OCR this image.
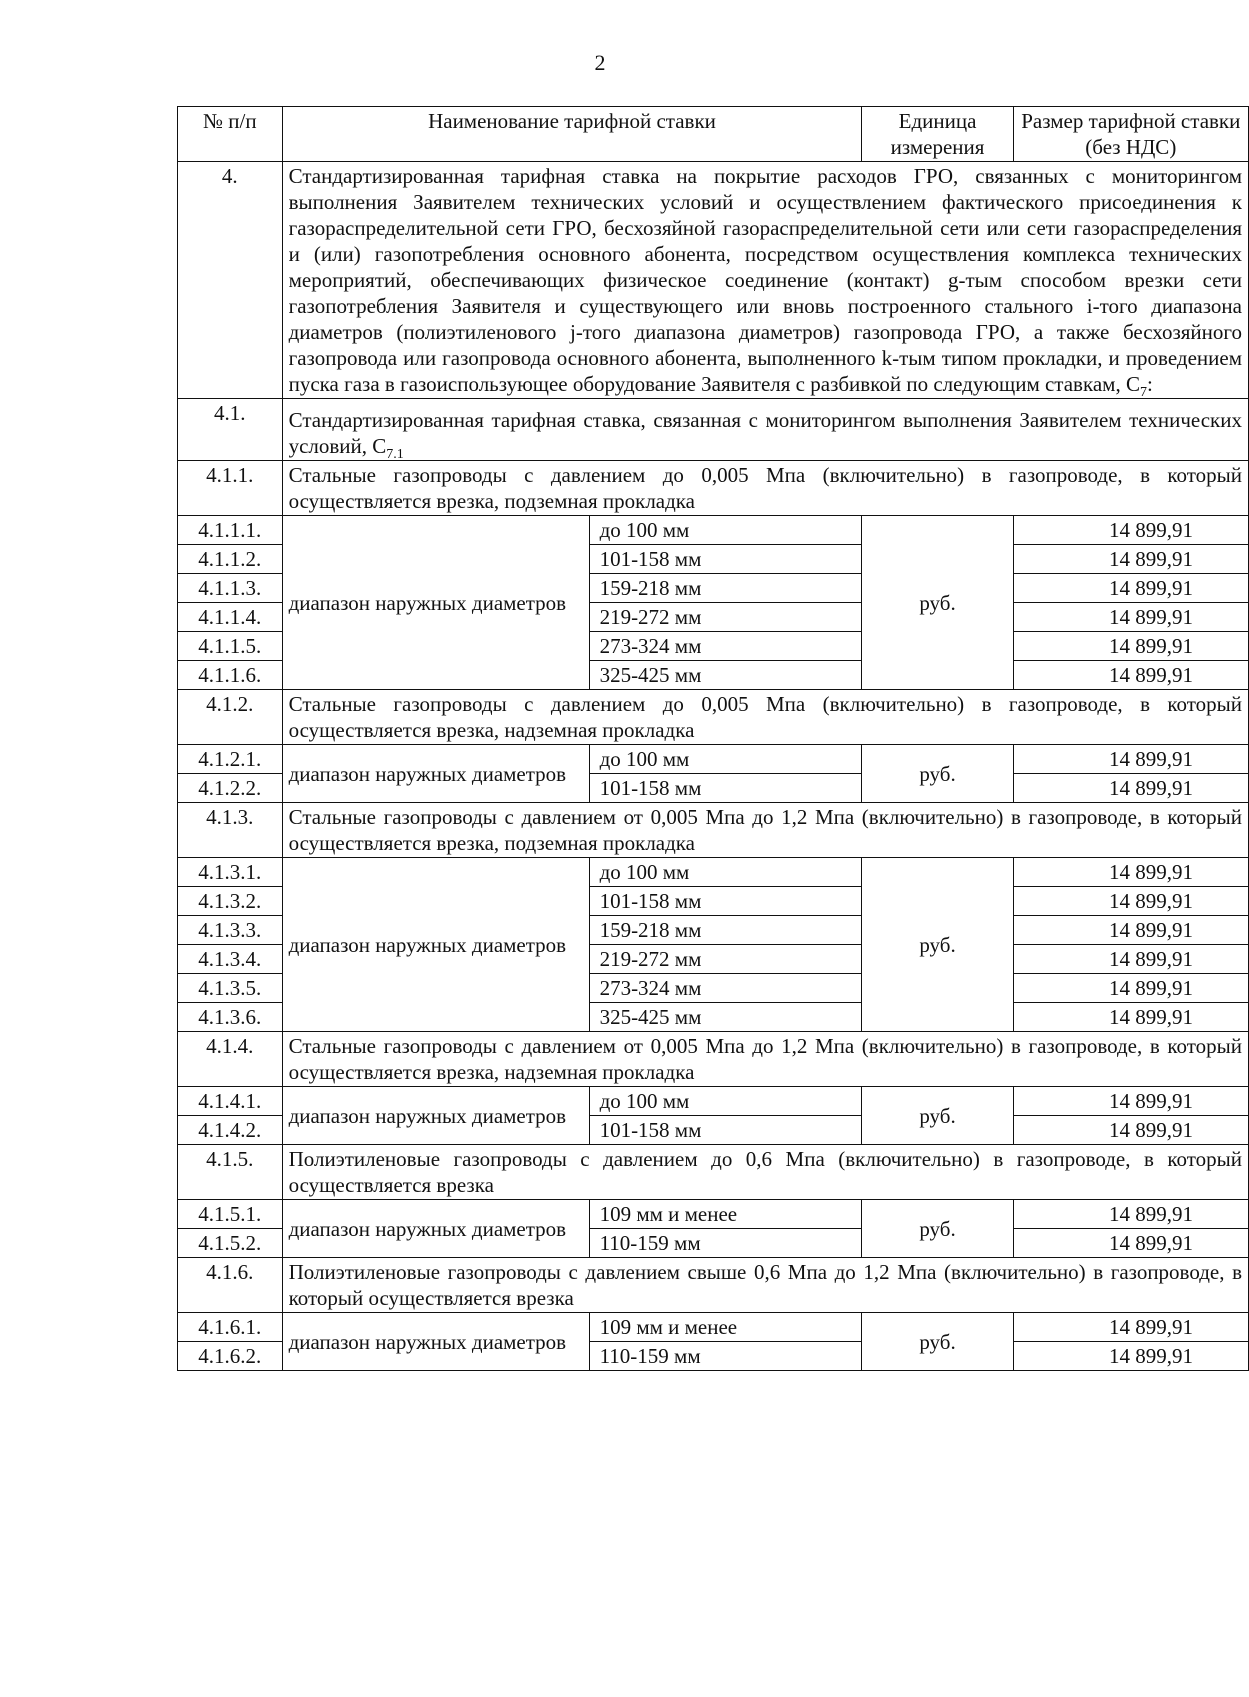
2
№ п/п	Наименование тарифной ставки		Единица измерения	Размер тарифной ставки (без НДС)
4.	Стандартизированная тарифная ставка на покрытие расходов ГРО, связанных с мониторингом выполнения Заявителем технических условий и осуществлением фактического присоединения к газораспределительной сети ГРО, бесхозяйной газораспределительной сети или сети газораспределения и (или) газопотребления основного абонента, посредством осуществления комплекса технических мероприятий, обеспечивающих физическое соединение (контакт) g-тым способом врезки сети газопотребления Заявителя и существующего или вновь построенного стального i-того диапазона диаметров (полиэтиленового j-того диапазона диаметров) газопровода ГРО, а также бесхозяйного газопровода или газопровода основного абонента, выполненного k-тым типом прокладки, и проведением пуска газа в газоиспользующее оборудование Заявителя с разбивкой по следующим ставкам, $С_7$:			
4.1.	Стандартизированная тарифная ставка, связанная с мониторингом выполнения Заявителем технических условий, $С_{7.1}$
4.1.1.	Стальные газопроводы с давлением до 0,005 Мпа (включительно) в газопроводе, в который осуществляется врезка, подземная прокладка			
4.1.1.1.	диапазон наружных диаметров	до 100 мм	руб.	14 899,91
4.1.1.2.		101-158 мм		14 899,91
4.1.1.3.		159-218 мм		14 899,91
4.1.1.4.		219-272 мм		14 899,91
4.1.1.5.		273-324 мм		14 899,91
4.1.1.6.		325-425 мм		14 899,91
4.1.2.	Стальные газопроводы с давлением до 0,005 Мпа (включительно) в газопроводе, в который осуществляется врезка, надземная прокладка			
4.1.2.1.	диапазон наружных диаметров	до 100 мм	руб.	14 899,91
4.1.2.2.		101-158 мм		14 899,91
4.1.3.	Стальные газопроводы с давлением от 0,005 Мпа до 1,2 Мпа (включительно) в газопроводе, в который осуществляется врезка, подземная прокладка			
4.1.3.1.	диапазон наружных диаметров	до 100 мм	руб.	14 899,91
4.1.3.2.		101-158 мм		14 899,91
4.1.3.3.		159-218 мм		14 899,91
4.1.3.4.		219-272 мм		14 899,91
4.1.3.5.		273-324 мм		14 899,91
4.1.3.6.		325-425 мм		14 899,91
4.1.4.	Стальные газопроводы с давлением от 0,005 Мпа до 1,2 Мпа (включительно) в газопроводе, в который осуществляется врезка, надземная прокладка			
4.1.4.1.	диапазон наружных диаметров	до 100 мм	руб.	14 899,91
4.1.4.2.		101-158 мм		14 899,91
4.1.5.	Полиэтиленовые газопроводы с давлением до 0,6 Мпа (включительно) в газопроводе, в который осуществляется врезка			
4.1.5.1.	диапазон наружных диаметров	109 мм и менее	руб.	14 899,91
4.1.5.2.		110-159 мм		14 899,91
4.1.6.	Полиэтиленовые газопроводы с давлением свыше 0,6 Мпа до 1,2 Мпа (включительно) в газопроводе, в который осуществляется врезка			
4.1.6.1.	диапазон наружных диаметров	109 мм и менее	руб.	14 899,91
4.1.6.2.		110-159 мм		14 899,91
